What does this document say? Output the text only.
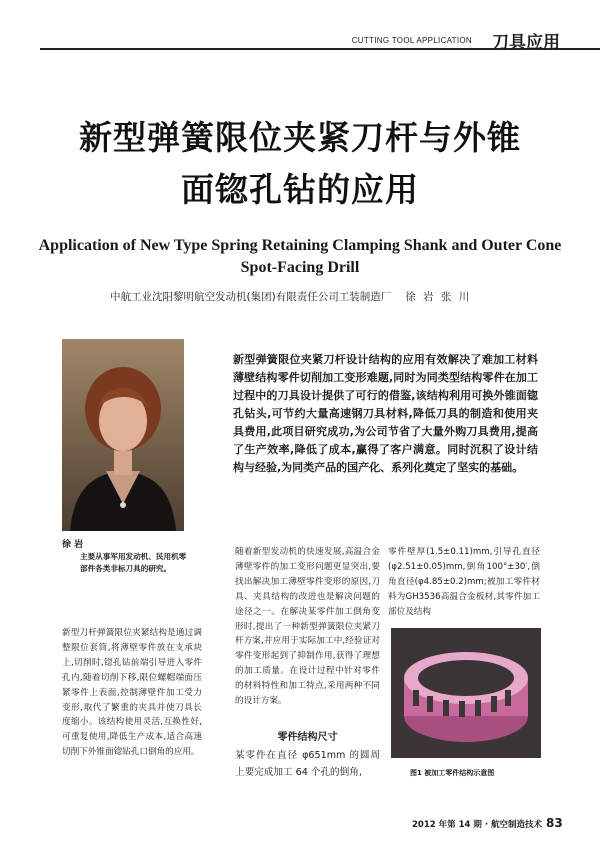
CUTTING TOOL APPLICATION 刀具应用
新型弹簧限位夹紧刀杆与外锥
面锪孔钻的应用
Application of New Type Spring Retaining Clamping Shank and Outer Cone
Spot-Facing Drill
中航工业沈阳黎明航空发动机(集团)有限责任公司工装制造厂 徐 岩 张 川
徐 岩
主要从事军用发动机、民用机零部件各类非标刀具的研究。
新型弹簧限位夹紧刀杆设计结构的应用有效解决了难加工材料薄壁结构零件切削加工变形难题,同时为同类型结构零件在加工过程中的刀具设计提供了可行的借鉴,该结构利用可换外锥面锪孔钻头,可节约大量高速钢刀具材料,降低刀具的制造和使用夹具费用,此项目研究成功,为公司节省了大量外购刀具费用,提高了生产效率,降低了成本,赢得了客户满意。同时沉积了设计结构与经验,为同类产品的国产化、系列化奠定了坚实的基础。
新型刀杆弹簧限位夹紧结构是通过调整限位套筒,将薄壁零件放在支承块上,切削时,锪孔钻前端引导进入零件孔内,随着切削下移,限位螺帽端面压紧零件上表面,控制薄壁件加工受力变形,取代了繁重的夹具并使刀具长度缩小。该结构使用灵活,互换性好,可重复使用,降低生产成本,适合高速切削下外锥面锪钻孔口倒角的应用。
随着新型发动机的快速发展,高温合金薄壁零件的加工变形问题更显突出,要找出解决加工薄壁零件变形的原因,刀具、夹具结构的改进也是解决问题的途径之一。在解决某零件加工倒角变形时,提出了一种新型弹簧限位夹紧刀杆方案,并应用于实际加工中,经验证对零件变形起到了抑制作用,获得了理想的加工质量。在设计过程中针对零件的材料特性和加工特点,采用两种不同的设计方案。
零件结构尺寸
某零件在直径 φ651mm 的圆周上要完成加工 64 个孔的倒角,
零件壁厚(1.5±0.11)mm,引导孔直径(φ2.51±0.05)mm,倒角100°±30′,倒角直径(φ4.85±0.2)mm;被加工零件材料为GH3536高温合金板材,其零件加工部位及结构
图1 被加工零件结构示意图
2012 年第 14 期 · 航空制造技术 83
